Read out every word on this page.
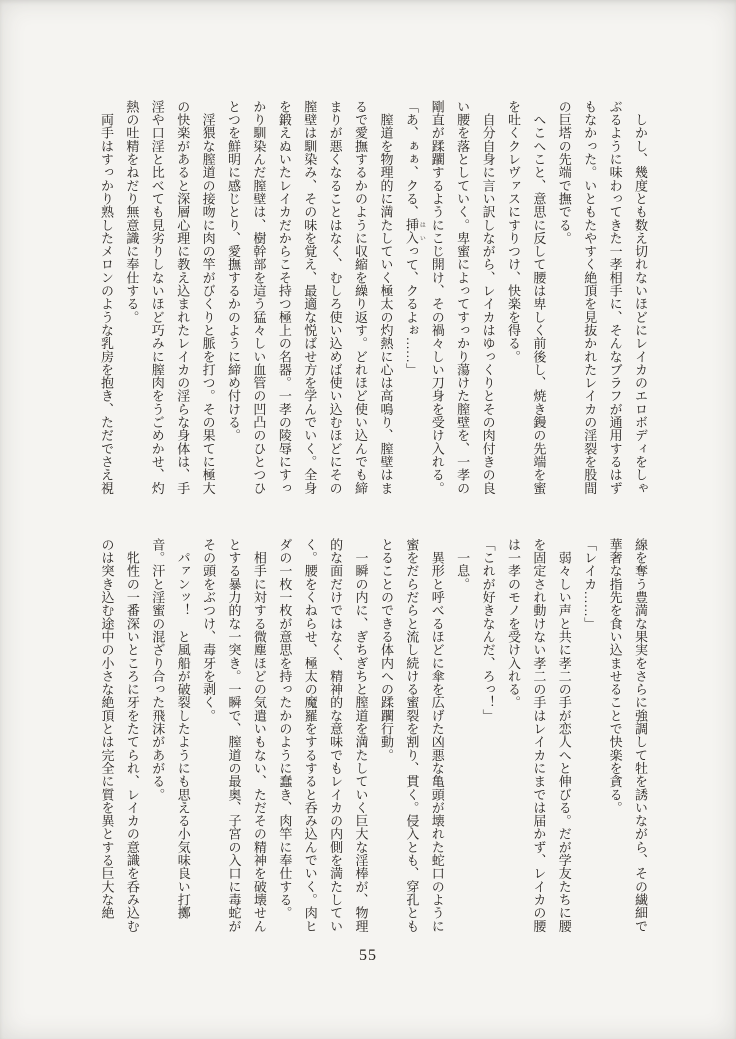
　しかし、幾度とも数え切れないほどにレイカのエロボディをしゃ

ぶるように味わってきた一孝相手に、そんなブラフが通用するはず

もなかった。いともたやすく絶頂を見抜かれたレイカの淫裂を股間

の巨塔の先端で撫でる。

　へこへこと、意思に反して腰は卑しく前後し、焼き鏝の先端を蜜

を吐くクレヴァスにすりつけ、快楽を得る。

　自分自身に言い訳しながら、レイカはゆっくりとその肉付きの良

い腰を落としていく。卑蜜によってすっかり蕩けた膣壁を、一孝の

剛直が蹂躙するようにこじ開け、その禍々しい刀身を受け入れる。

「あ、ぁぁ、クる、挿入 はいって、クるよぉ……」

　膣道を物理的に満たしていく極太の灼熱に心は高鳴り、膣壁はま

るで愛撫するかのように収縮を繰り返す。どれほど使い込んでも締

まりが悪くなることはなく、むしろ使い込めば使い込むほどにその

膣壁は馴染み、その味を覚え、最適な悦ばせ方を学んでいく。全身

を鍛えぬいたレイカだからこそ持つ極上の名器。一孝の陵辱にすっ

かり馴染んだ膣壁は、樹幹部を這う猛々しい血管の凹凸のひとつひ

とつを鮮明に感じとり、愛撫するかのように締め付ける。

　淫猥な膣道の接吻に肉の竿がびくりと脈を打つ。その果てに極大

の快楽があると深層心理に教え込まれたレイカの淫らな身体は、手

淫や口淫と比べても見劣りしないほど巧みに膣肉をうごめかせ、灼

熱の吐精をねだり無意識に奉仕する。

　両手はすっかり熟したメロンのような乳房を抱き、ただでさえ視

線を奪う豊満な果実をさらに強調して牡を誘いながら、その繊細で

華奢な指先を食い込ませることで快楽を貪る。

「レイカ……」

　弱々しい声と共に孝二の手が恋人へと伸びる。だが学友たちに腰

を固定され動けない孝二の手はレイカにまでは届かず、レイカの腰

は一孝のモノを受け入れる。

「これが好きなんだ、ろっ！」

　一息。

　異形と呼べるほどに傘を広げた凶悪な亀頭が壊れた蛇口のように

蜜をだらだらと流し続ける蜜裂を割り、貫く。侵入とも、穿孔とも

とることのできる体内への蹂躙行動。

　一瞬の内に、ぎちぎちと膣道を満たしていく巨大な淫棒が、物理

的な面だけではなく、精神的な意味でもレイカの内側を満たしてい

く。腰をくねらせ、極太の魔羅をするすると呑み込んでいく。肉ヒ

ダの一枚一枚が意思を持ったかのように蠢き、肉竿に奉仕する。

　相手に対する微塵ほどの気遣いもない、ただその精神を破壊せん

とする暴力的な一突き。一瞬で、膣道の最奥、子宮の入口に毒蛇が

その頭をぶつけ、毒牙を剥く。

　パァンッ！　と風船が破裂したようにも思える小気味良い打擲

音。汗と淫蜜の混ざり合った飛沫があがる。

　牝性の一番深いところに牙をたてられ、レイカの意識を呑み込む

のは突き込む途中の小さな絶頂とは完全に質を異とする巨大な絶

55
